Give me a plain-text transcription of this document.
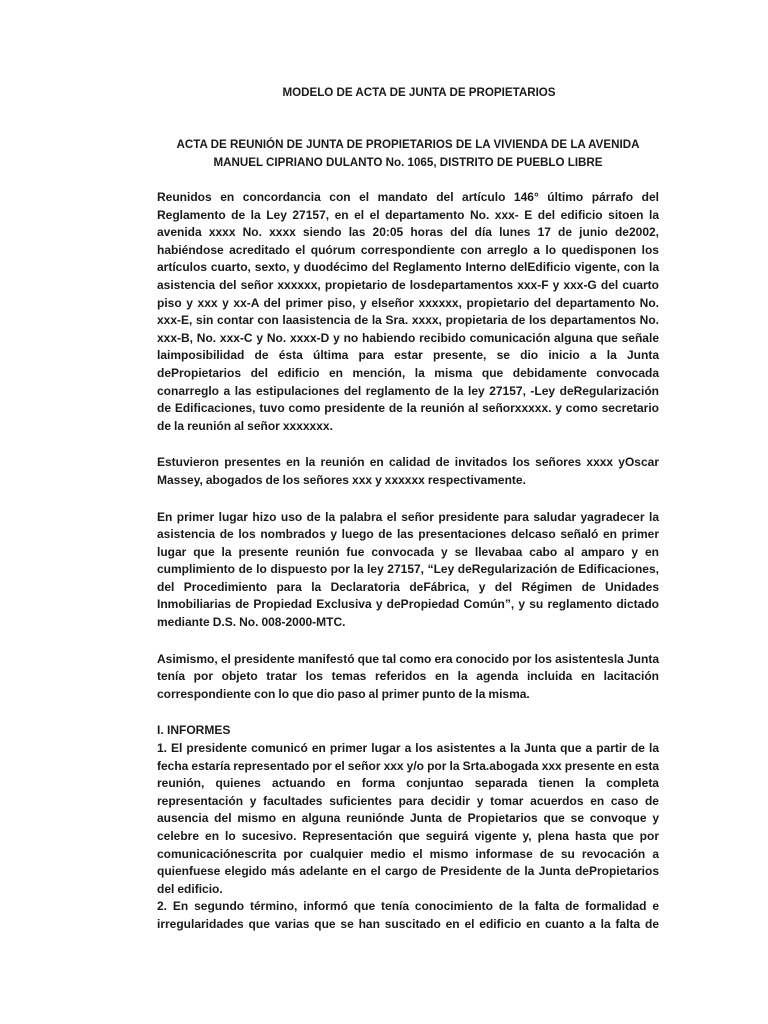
MODELO DE ACTA DE JUNTA DE PROPIETARIOS
ACTA DE REUNIÓN DE JUNTA DE PROPIETARIOS DE LA VIVIENDA DE LA AVENIDA
MANUEL CIPRIANO DULANTO No. 1065, DISTRITO DE PUEBLO LIBRE

Reunidos en concordancia con el mandato del artículo 146° último párrafo del Reglamento de la Ley 27157, en el el departamento No. xxx- E del edificio sitoen la avenida xxxx No. xxxx siendo las 20:05 horas del día lunes 17 de junio de2002, habiéndose acreditado el quórum correspondiente con arreglo a lo quedisponen los artículos cuarto, sexto, y duodécimo del Reglamento Interno delEdificio vigente, con la asistencia del señor xxxxxx, propietario de losdepartamentos xxx-F y xxx-G del cuarto piso y xxx y xx-A del primer piso, y elseñor xxxxxx, propietario del departamento No. xxx-E, sin contar con laasistencia de la Sra. xxxx, propietaria de los departamentos No. xxx-B, No. xxx-C y No. xxxx-D y no habiendo recibido comunicación alguna que señale laimposibilidad de ésta última para estar presente, se dio inicio a la Junta dePropietarios del edificio en mención, la misma que debidamente convocada conarreglo a las estipulaciones del reglamento de la ley 27157, -Ley deRegularización de Edificaciones, tuvo como presidente de la reunión al señorxxxxx. y como secretario de la reunión al señor xxxxxxx.

Estuvieron presentes en la reunión en calidad de invitados los señores xxxx yOscar Massey, abogados de los señores xxx y xxxxxx respectivamente.

En primer lugar hizo uso de la palabra el señor presidente para saludar yagradecer la asistencia de los nombrados y luego de las presentaciones delcaso señaló en primer lugar que la presente reunión fue convocada y se llevabaa cabo al amparo y en cumplimiento de lo dispuesto por la ley 27157, “Ley deRegularización de Edificaciones, del Procedimiento para la Declaratoria deFábrica, y del Régimen de Unidades Inmobiliarias de Propiedad Exclusiva y dePropiedad Común”, y su reglamento dictado mediante D.S. No. 008-2000-MTC.

Asimismo, el presidente manifestó que tal como era conocido por los asistentesla Junta tenía por objeto tratar los temas referidos en la agenda incluida en lacitación correspondiente con lo que dio paso al primer punto de la misma.

I. INFORMES

1. El presidente comunicó en primer lugar a los asistentes a la Junta que a partir de la fecha estaría representado por el señor xxx y/o por la Srta.abogada xxx presente en esta reunión, quienes actuando en forma conjuntao separada tienen la completa representación y facultades suficientes para decidir y tomar acuerdos en caso de ausencia del mismo en alguna reuniónde Junta de Propietarios que se convoque y celebre en lo sucesivo. Representación que seguirá vigente y, plena hasta que por comunicaciónescrita por cualquier medio el mismo informase de su revocación a quienfuese elegido más adelante en el cargo de Presidente de la Junta dePropietarios del edificio.

2. En segundo término, informó que tenía conocimiento de la falta de formalidad e irregularidades que varias que se han suscitado en el edificio en cuanto a la falta de
